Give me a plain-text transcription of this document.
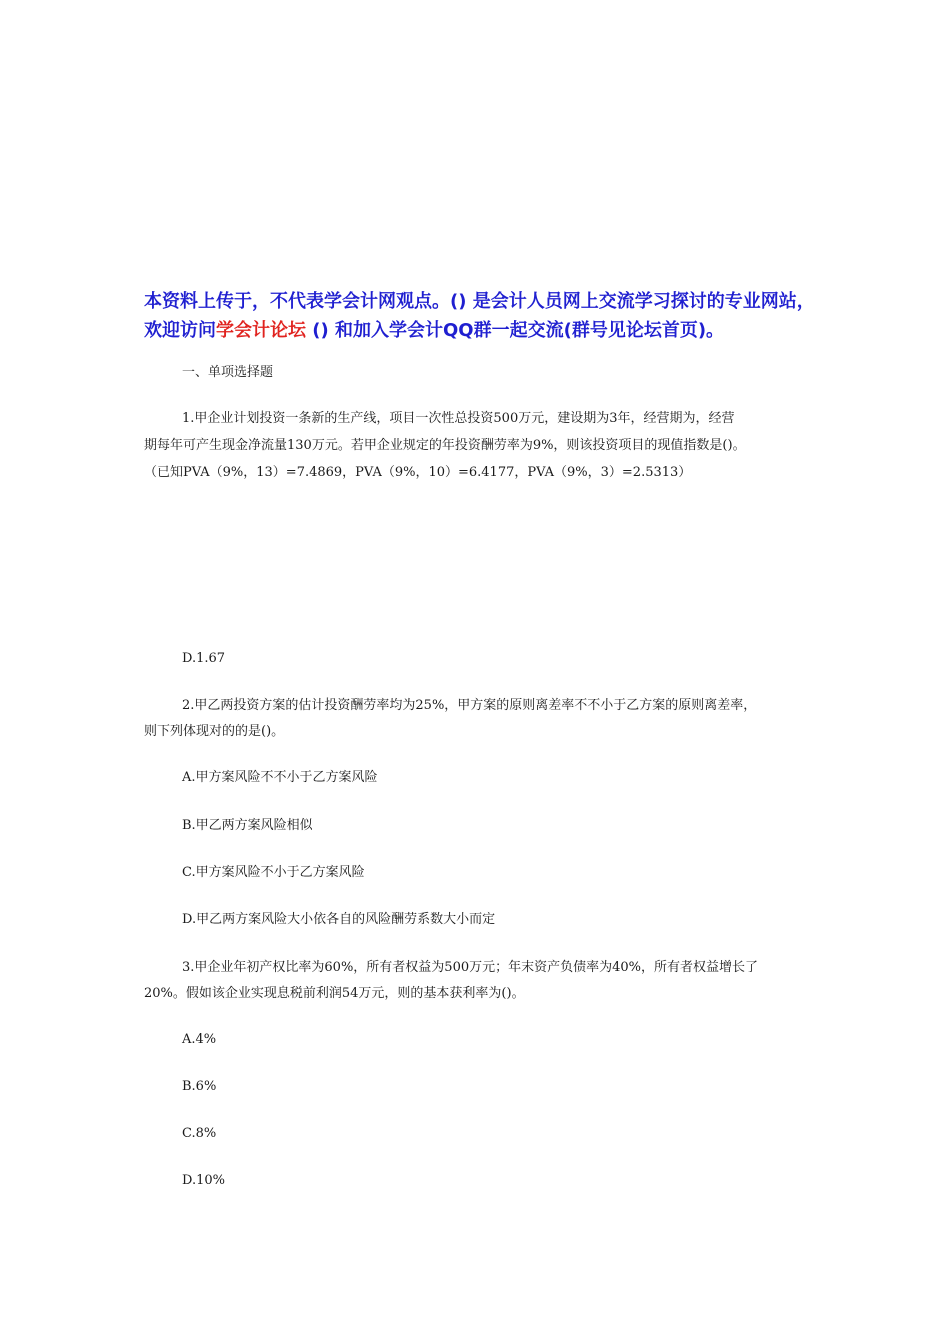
本资料上传于，不代表学会计网观点。() 是会计人员网上交流学习探讨的专业网站，欢迎访问学会计论坛 () 和加入学会计QQ群一起交流(群号见论坛首页)。
一、单项选择题

1.甲企业计划投资一条新的生产线，项目一次性总投资500万元，建设期为3年，经营期为，经营

期每年可产生现金净流量130万元。若甲企业规定的年投资酬劳率为9%，则该投资项目的现值指数是()。

（已知PVA（9%，13）=7.4869，PVA（9%，10）=6.4177，PVA（9%，3）=2.5313）

D.1.67
2.甲乙两投资方案的估计投资酬劳率均为25%，甲方案的原则离差率不不小于乙方案的原则离差率，
则下列体现对的的是()。
A.甲方案风险不不小于乙方案风险
B.甲乙两方案风险相似
C.甲方案风险不小于乙方案风险
D.甲乙两方案风险大小依各自的风险酬劳系数大小而定
3.甲企业年初产权比率为60%，所有者权益为500万元；年末资产负债率为40%，所有者权益增长了
20%。假如该企业实现息税前利润54万元，则的基本获利率为()。
A.4%
B.6%
C.8%
D.10%
